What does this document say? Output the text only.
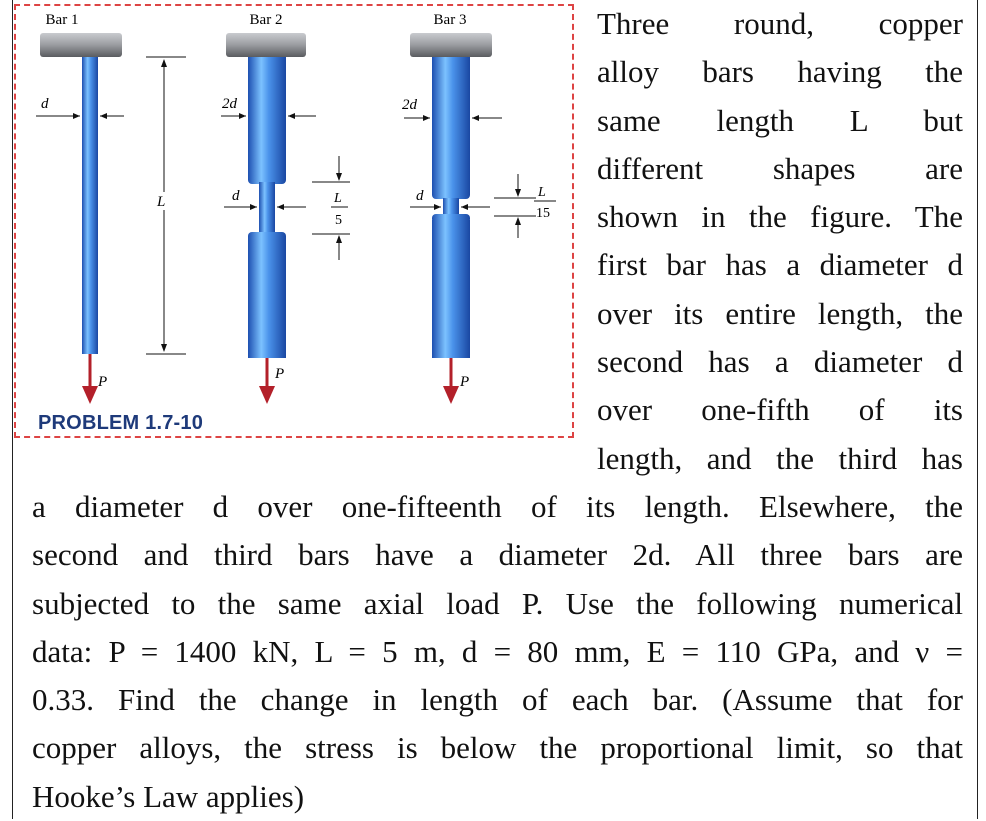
Bar 1	Bar 2	Bar 3
P
d
L
P
2d
d	L
5
P
2d
d	L
15
PROBLEM 1.7-10
Three round, copper
alloy bars having the
same length L but
different shapes are
shown in the figure. The
first bar has a diameter d
over its entire length, the
second has a diameter d
over one-fifth of its
length, and the third has
a diameter d over one-fifteenth of its length. Elsewhere, the
second and third bars have a diameter 2d. All three bars are
subjected to the same axial load P. Use the following numerical
data: P = 1400 kN, L = 5 m, d = 80 mm, E = 110 GPa, and ν =
0.33. Find the change in length of each bar. (Assume that for
copper alloys, the stress is below the proportional limit, so that
Hooke’s Law applies)
